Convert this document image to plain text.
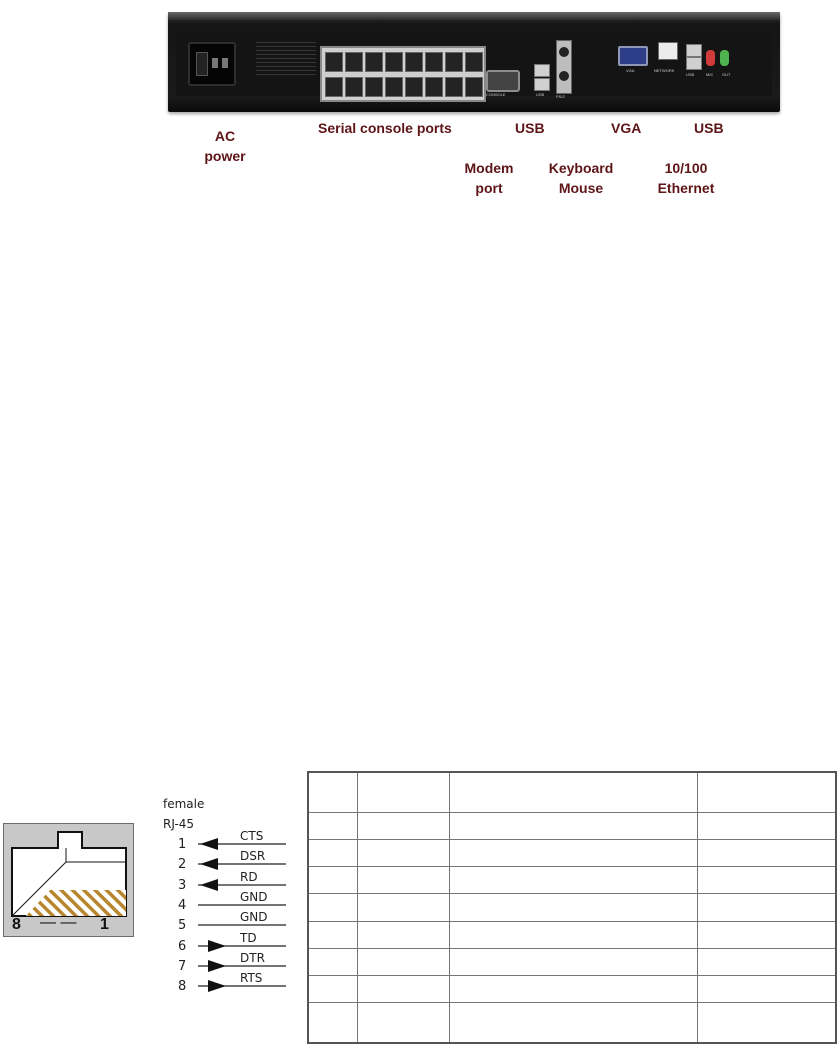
CONSOLE	USB	PS/2
VGA	NETWORK
USB	MIC OUT
AC
power
Serial console ports	USB	VGA	USB
Modem
port
Keyboard
Mouse
10/100
Ethernet
8 — — 1
female
RJ-45
1
CTS
2
DSR
3
RD
4
GND
5
GND
6
TD
7
DTR
8
RTS
